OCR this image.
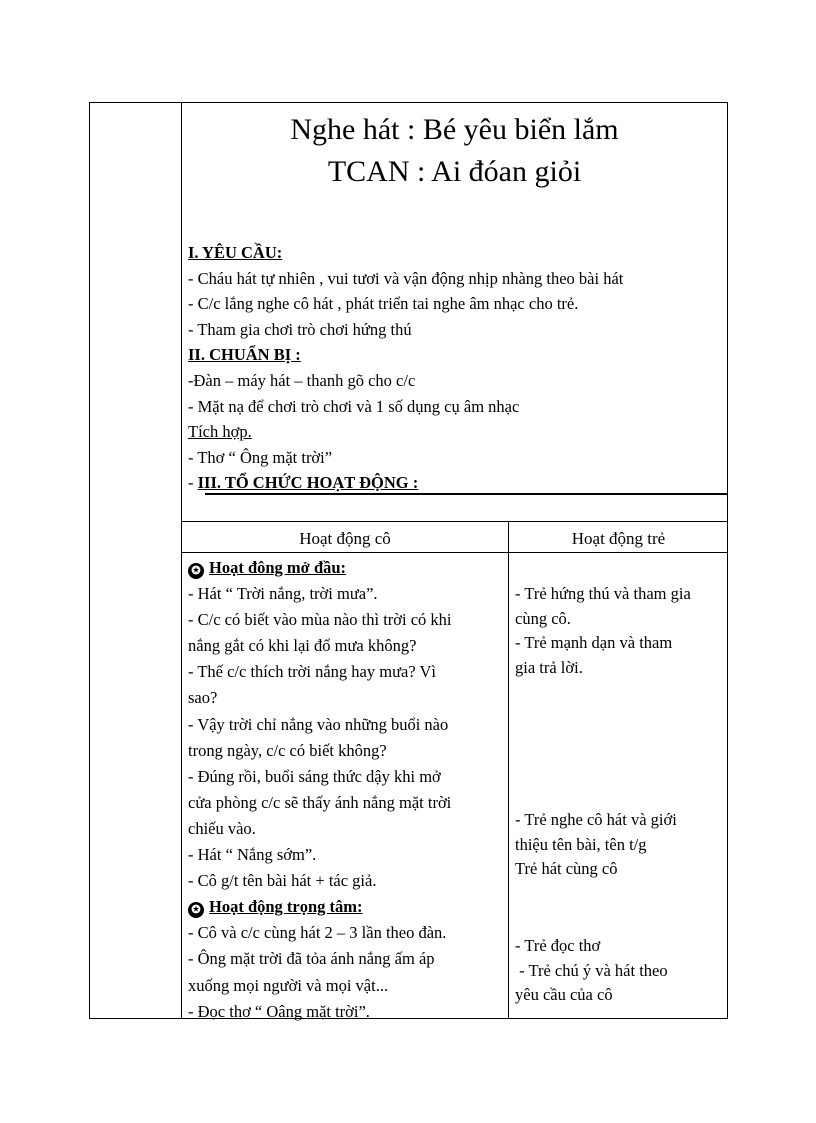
Nghe hát : Bé yêu biển lắm
TCAN : Ai đóan giỏi
I. YÊU CẦU:
- Cháu hát tự nhiên , vui tươi và vận động nhịp nhàng theo bài hát
- C/c lắng nghe cô hát , phát triển tai nghe âm nhạc cho trẻ.
- Tham gia chơi trò chơi hứng thú
II. CHUẨN BỊ :
-Đàn – máy hát – thanh gõ cho c/c
- Mặt nạ để chơi trò chơi và 1 số dụng cụ âm nhạc
Tích hợp.
- Thơ “ Ông mặt trời”
- III. TỔ CHỨC HOẠT ĐỘNG :
Hoạt động cô	Hoạt động trẻ
✪ Hoạt đông mở đầu:
- Hát “ Trời nắng, trời mưa”.
- C/c có biết vào mùa nào thì trời có khi
nắng gắt có khi lại đổ mưa không?
- Thế c/c thích trời nắng hay mưa? Vì
sao?
- Vậy trời chỉ nắng vào những buổi nào
trong ngày, c/c có biết không?
- Đúng rồi, buổi sáng thức dậy khi mở
cửa phòng c/c sẽ thấy ánh nắng mặt trời
chiếu vào.
- Hát “ Nắng sớm”.
- Cô g/t tên bài hát + tác giả.
✪ Hoạt động trọng tâm:
- Cô và c/c cùng hát 2 – 3 lần theo đàn.
- Ông mặt trời đã tỏa ánh nắng ấm áp
xuống mọi người và mọi vật...
- Đọc thơ “ Oâng mặt trời”.
- Trẻ hứng thú và tham gia
cùng cô.
- Trẻ mạnh dạn và tham
gia trả lời.
- Trẻ nghe cô hát và giới
thiệu tên bài, tên t/g
Trẻ hát cùng cô
- Trẻ đọc thơ
- Trẻ chú ý và hát theo
yêu cầu của cô
